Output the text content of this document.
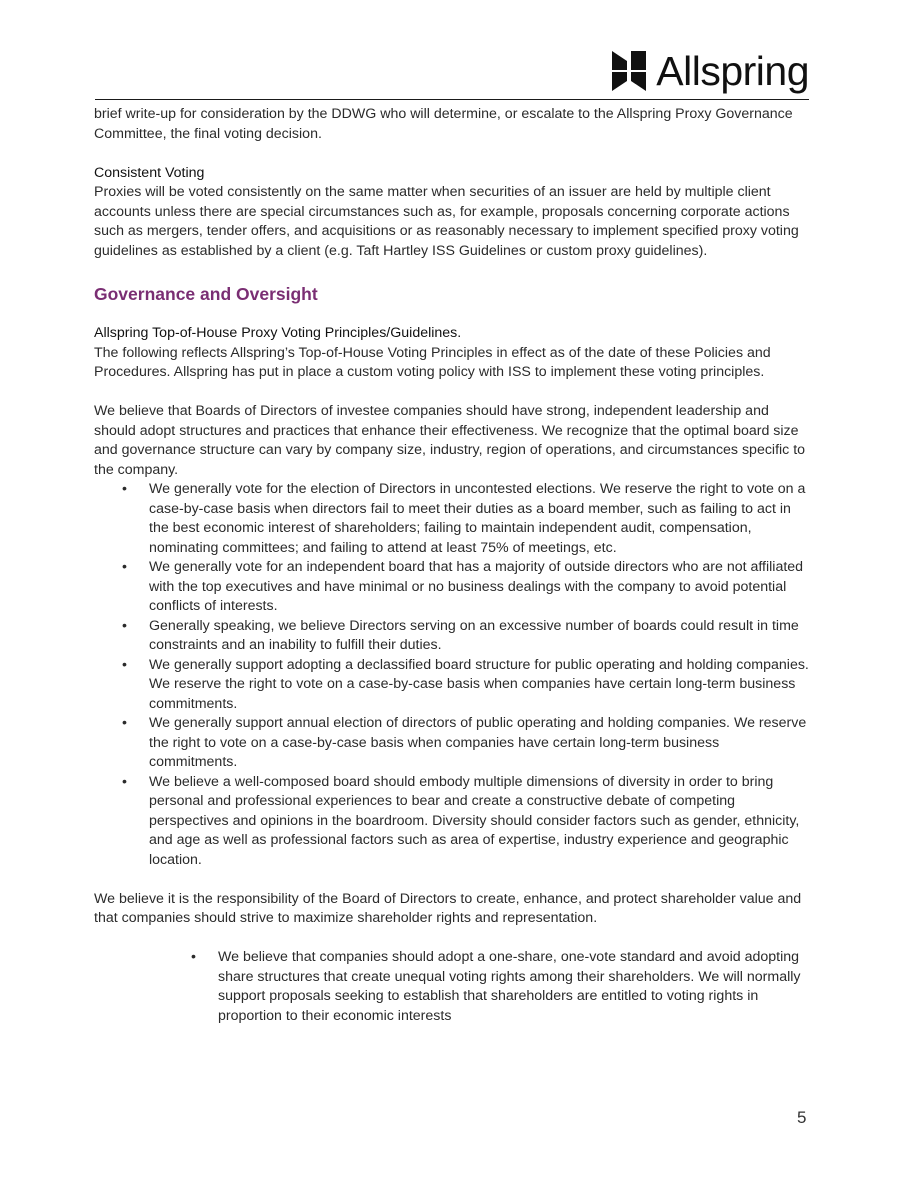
Allspring

brief write-up for consideration by the DDWG who will determine, or escalate to the Allspring Proxy Governance Committee, the final voting decision.

Consistent Voting

Proxies will be voted consistently on the same matter when securities of an issuer are held by multiple client accounts unless there are special circumstances such as, for example, proposals concerning corporate actions such as mergers, tender offers, and acquisitions or as reasonably necessary to implement specified proxy voting guidelines as established by a client (e.g. Taft Hartley ISS Guidelines or custom proxy guidelines).

Governance and Oversight

Allspring Top-of-House Proxy Voting Principles/Guidelines.

The following reflects Allspring’s Top-of-House Voting Principles in effect as of the date of these Policies and Procedures. Allspring has put in place a custom voting policy with ISS to implement these voting principles.

We believe that Boards of Directors of investee companies should have strong, independent leadership and should adopt structures and practices that enhance their effectiveness. We recognize that the optimal board size and governance structure can vary by company size, industry, region of operations, and circumstances specific to the company.

• We generally vote for the election of Directors in uncontested elections. We reserve the right to vote on a case-by-case basis when directors fail to meet their duties as a board member, such as failing to act in the best economic interest of shareholders; failing to maintain independent audit, compensation, nominating committees; and failing to attend at least 75% of meetings, etc.
• We generally vote for an independent board that has a majority of outside directors who are not affiliated with the top executives and have minimal or no business dealings with the company to avoid potential conflicts of interests.
• Generally speaking, we believe Directors serving on an excessive number of boards could result in time constraints and an inability to fulfill their duties.
• We generally support adopting a declassified board structure for public operating and holding companies. We reserve the right to vote on a case-by-case basis when companies have certain long-term business commitments.
• We generally support annual election of directors of public operating and holding companies. We reserve the right to vote on a case-by-case basis when companies have certain long-term business commitments.
• We believe a well-composed board should embody multiple dimensions of diversity in order to bring personal and professional experiences to bear and create a constructive debate of competing perspectives and opinions in the boardroom. Diversity should consider factors such as gender, ethnicity, and age as well as professional factors such as area of expertise, industry experience and geographic location.

We believe it is the responsibility of the Board of Directors to create, enhance, and protect shareholder value and that companies should strive to maximize shareholder rights and representation.

• We believe that companies should adopt a one-share, one-vote standard and avoid adopting share structures that create unequal voting rights among their shareholders. We will normally support proposals seeking to establish that shareholders are entitled to voting rights in proportion to their economic interests
5
